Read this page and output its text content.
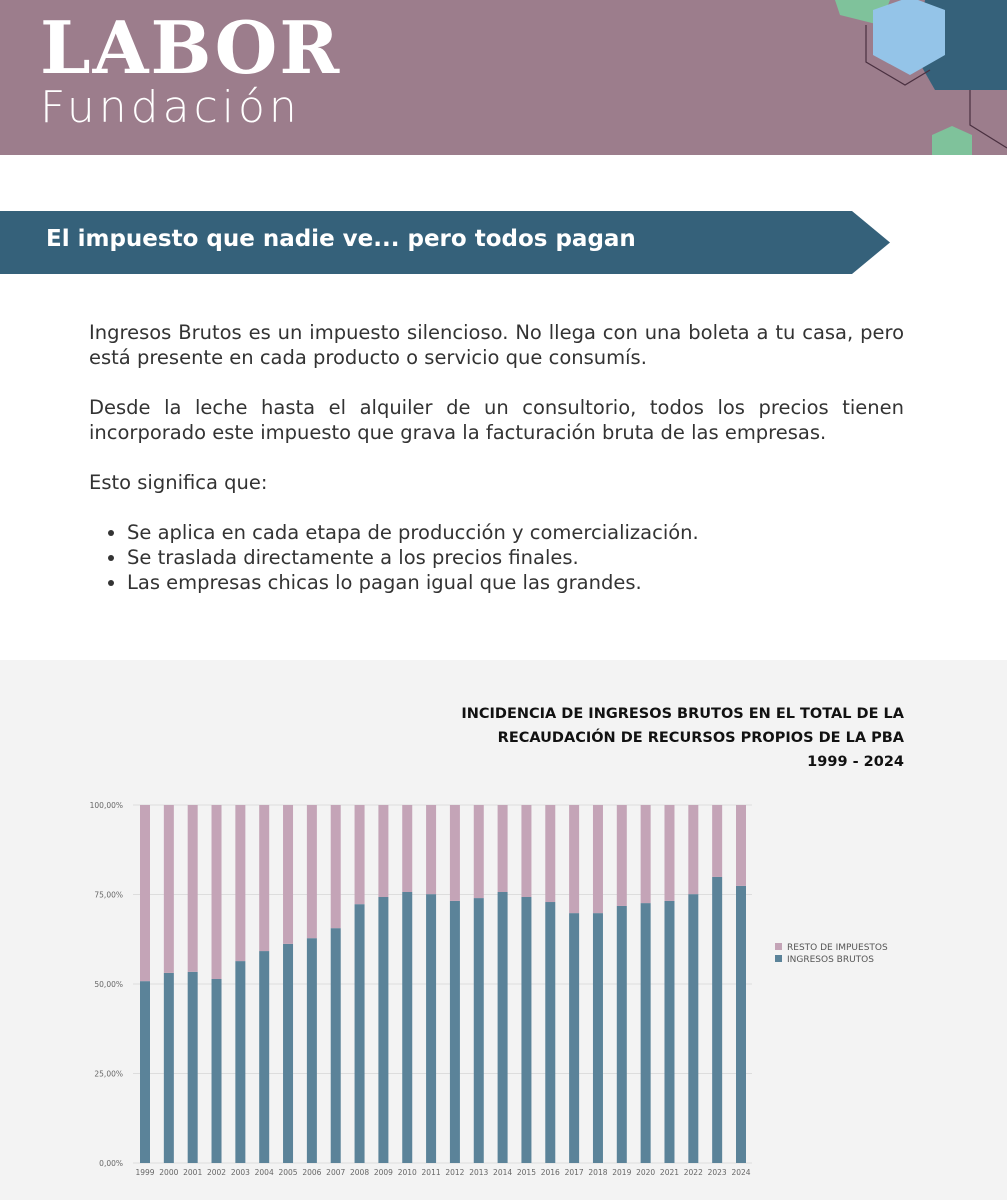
LABOR
Fundación
El impuesto que nadie ve... pero todos pagan

Ingresos Brutos es un impuesto silencioso. No llega con una boleta a tu casa, pero está presente en cada producto o servicio que consumís.

Desde la leche hasta el alquiler de un consultorio, todos los precios tienen incorporado este impuesto que grava la facturación bruta de las empresas.

Esto significa que:

• Se aplica en cada etapa de producción y comercialización.
• Se traslada directamente a los precios finales.
• Las empresas chicas lo pagan igual que las grandes.
INCIDENCIA DE INGRESOS BRUTOS EN EL TOTAL DE LA
RECAUDACIÓN DE RECURSOS PROPIOS DE LA PBA
1999 - 2024
0,00%
25,00%
50,00%
75,00%
100,00%
1999 2000 2001 2002 2003 2004 2005 2006 2007 2008 2009 2010 2011 2012 2013 2014 2015 2016 2017 2018 2019 2020 2021 2022 2023 2024
RESTO DE IMPUESTOS
INGRESOS BRUTOS
